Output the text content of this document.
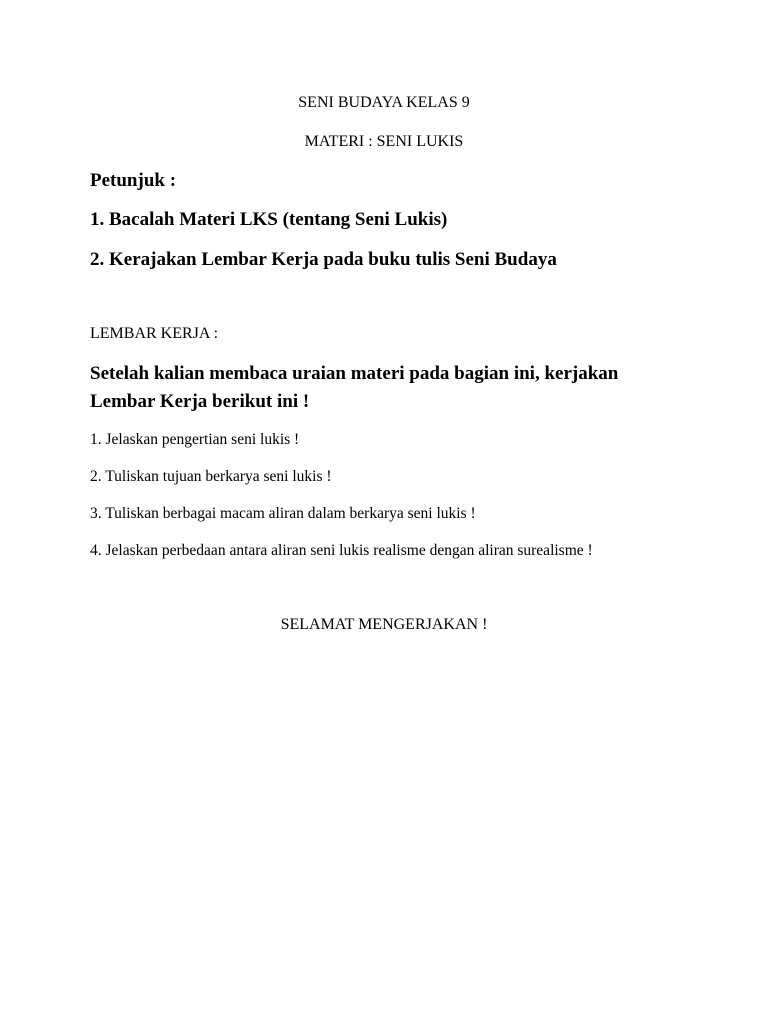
SENI BUDAYA KELAS 9

MATERI : SENI LUKIS

Petunjuk :

1. Bacalah Materi LKS (tentang Seni Lukis)

2. Kerajakan Lembar Kerja pada buku tulis Seni Budaya

LEMBAR KERJA :

Setelah kalian membaca uraian materi pada bagian ini, kerjakan

Lembar Kerja berikut ini !

1. Jelaskan pengertian seni lukis !

2. Tuliskan tujuan berkarya seni lukis !

3. Tuliskan berbagai macam aliran dalam berkarya seni lukis !

4. Jelaskan perbedaan antara aliran seni lukis realisme dengan aliran surealisme !

SELAMAT MENGERJAKAN !
